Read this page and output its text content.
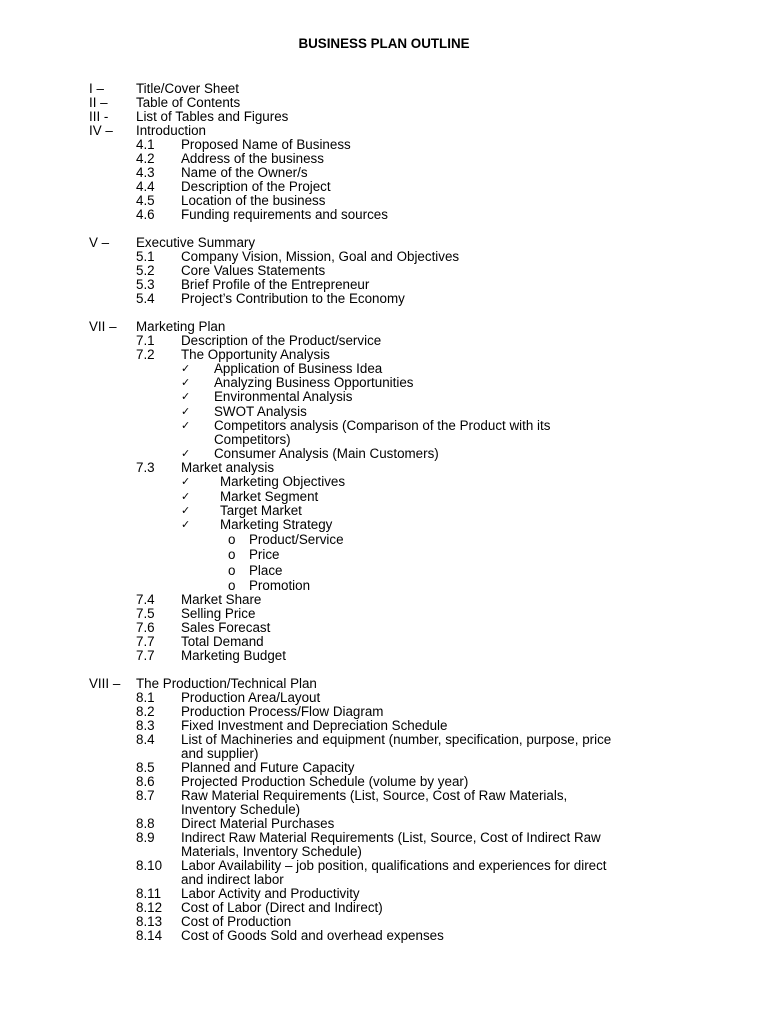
BUSINESS PLAN OUTLINE
I –	Title/Cover Sheet
II –	Table of Contents
III -	List of Tables and Figures
IV –	Introduction
4.1	Proposed Name of Business
4.2	Address of the business
4.3	Name of the Owner/s
4.4	Description of the Project
4.5	Location of the business
4.6	Funding requirements and sources
V –	Executive Summary
5.1	Company Vision, Mission, Goal and Objectives
5.2	Core Values Statements
5.3	Brief Profile of the Entrepreneur
5.4	Project’s Contribution to the Economy
VII –	Marketing Plan
7.1	Description of the Product/service
7.2	The Opportunity Analysis
✓	Application of Business Idea
✓	Analyzing Business Opportunities
✓	Environmental Analysis
✓	SWOT Analysis
✓	Competitors analysis (Comparison of the Product with its
Competitors)
✓	Consumer Analysis (Main Customers)
7.3	Market analysis
✓	Marketing Objectives
✓	Market Segment
✓	Target Market
✓	Marketing Strategy
o	Product/Service
o	Price
o	Place
o	Promotion
7.4	Market Share
7.5	Selling Price
7.6	Sales Forecast
7.7	Total Demand
7.7	Marketing Budget
VIII –	The Production/Technical Plan
8.1	Production Area/Layout
8.2	Production Process/Flow Diagram
8.3	Fixed Investment and Depreciation Schedule
8.4	List of Machineries and equipment (number, specification, purpose, price
and supplier)
8.5	Planned and Future Capacity
8.6	Projected Production Schedule (volume by year)
8.7	Raw Material Requirements (List, Source, Cost of Raw Materials,
Inventory Schedule)
8.8	Direct Material Purchases
8.9	Indirect Raw Material Requirements (List, Source, Cost of Indirect Raw
Materials, Inventory Schedule)
8.10	Labor Availability – job position, qualifications and experiences for direct
and indirect labor
8.11	Labor Activity and Productivity
8.12	Cost of Labor (Direct and Indirect)
8.13	Cost of Production
8.14	Cost of Goods Sold and overhead expenses
